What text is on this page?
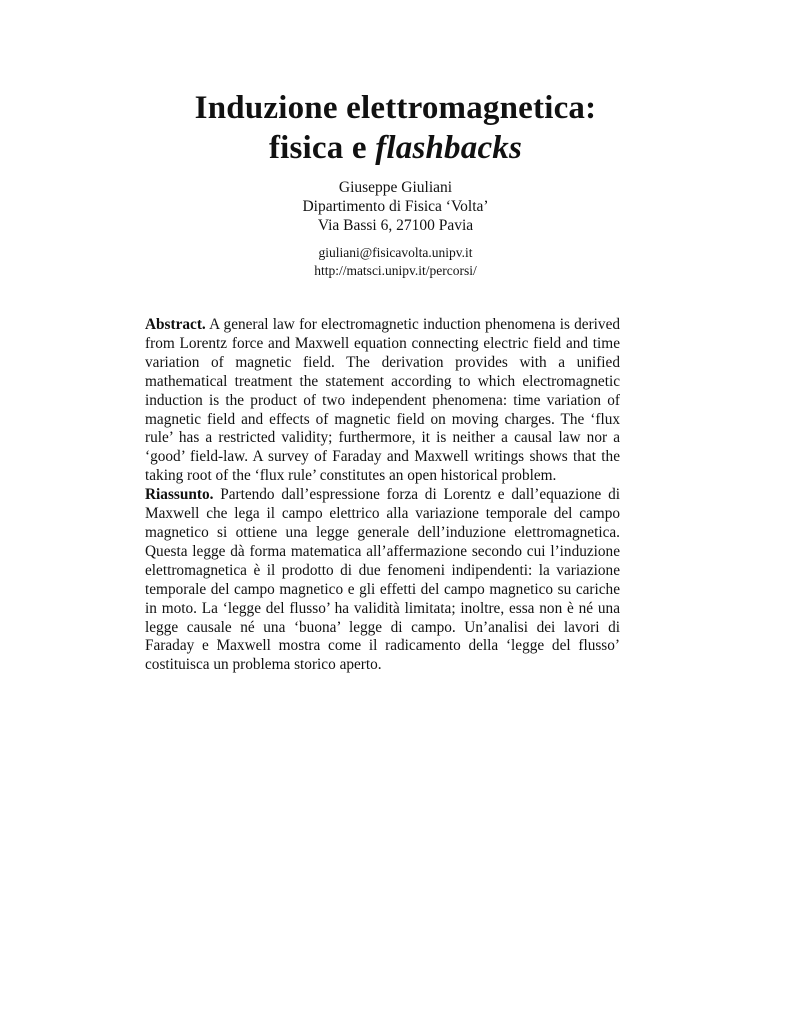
Induzione elettromagnetica:
fisica e flashbacks
Giuseppe Giuliani
Dipartimento di Fisica ‘Volta’
Via Bassi 6, 27100 Pavia
giuliani@fisicavolta.unipv.it
http://matsci.unipv.it/percorsi/

Abstract. A general law for electromagnetic induction phenomena is derived from Lorentz force and Maxwell equation connecting electric field and time variation of magnetic field. The derivation provides with a unified mathematical treatment the statement according to which electromagnetic induction is the product of two independent phenomena: time variation of magnetic field and effects of magnetic field on moving charges. The ‘flux rule’ has a restricted validity; furthermore, it is neither a causal law nor a ‘good’ field-law. A survey of Faraday and Maxwell writings shows that the taking root of the ‘flux rule’ constitutes an open historical problem.

Riassunto. Partendo dall’espressione forza di Lorentz e dall’equazione di Maxwell che lega il campo elettrico alla variazione temporale del campo magnetico si ottiene una legge generale dell’induzione elettromagnetica. Questa legge dà forma matematica all’affermazione secondo cui l’induzione elettromagnetica è il prodotto di due fenomeni indipendenti: la variazione temporale del campo magnetico e gli effetti del campo magnetico su cariche in moto. La ‘legge del flusso’ ha validità limitata; inoltre, essa non è né una legge causale né una ‘buona’ legge di campo. Un’analisi dei lavori di Faraday e Maxwell mostra come il radicamento della ‘legge del flusso’ costituisca un problema storico aperto.
